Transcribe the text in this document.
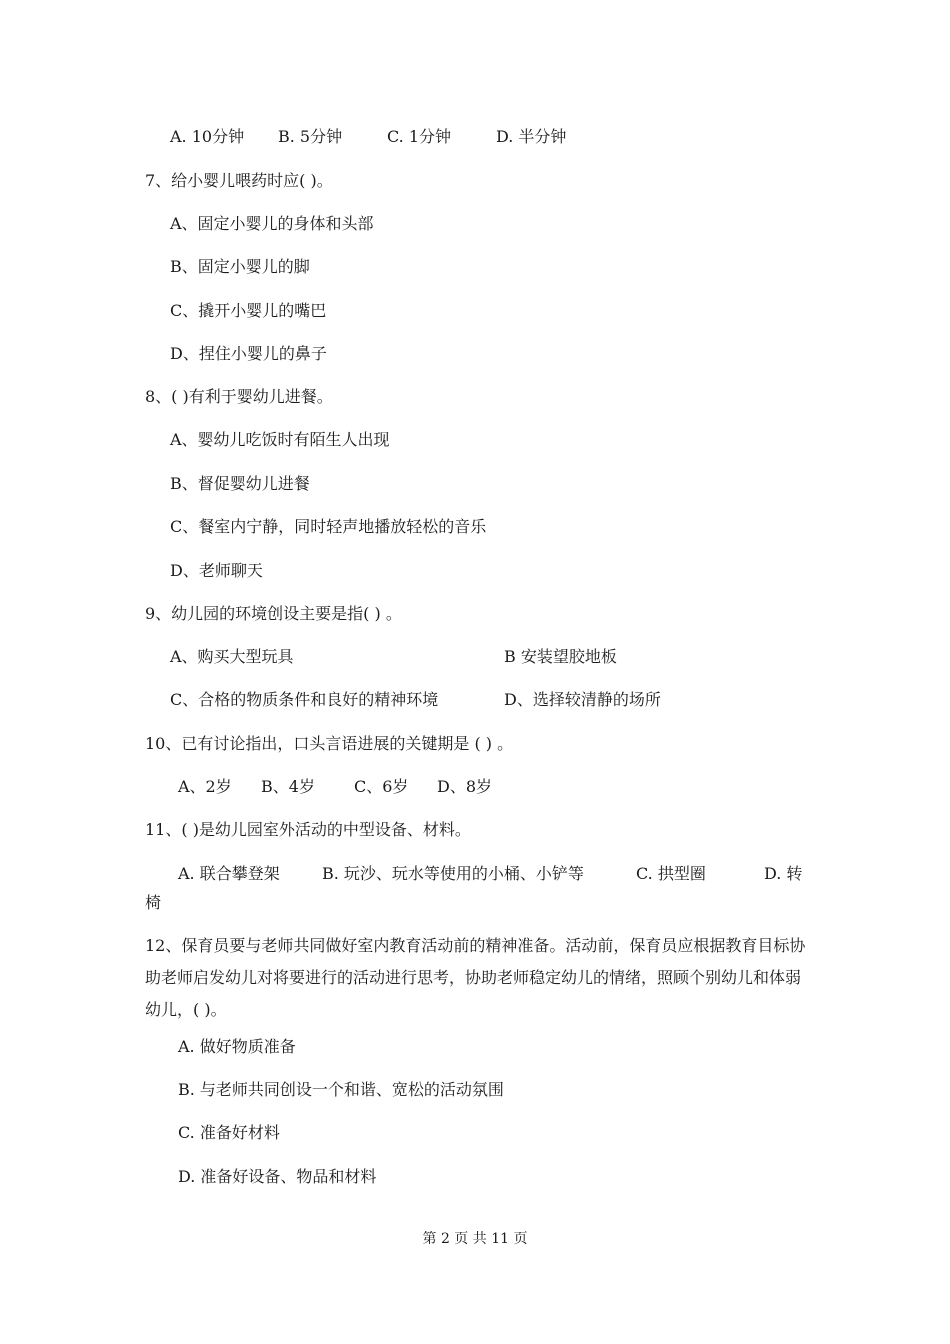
A. 10分钟 B. 5分钟	C. 1分钟	D. 半分钟
7、给小婴儿喂药时应( )。
A、固定小婴儿的身体和头部
B、固定小婴儿的脚
C、撬开小婴儿的嘴巴
D、捏住小婴儿的鼻子
8、( )有利于婴幼儿进餐。
A、婴幼儿吃饭时有陌生人出现
B、督促婴幼儿进餐
C、餐室内宁静，同时轻声地播放轻松的音乐
D、老师聊天
9、幼儿园的环境创设主要是指( ) 。
A、购买大型玩具	B 安装望胶地板
C、合格的物质条件和良好的精神环境	D、选择较清静的场所
10、已有讨论指出，口头言语进展的关键期是 ( ) 。
A、2岁 B、4岁 C、6岁 D、8岁
11、( )是幼儿园室外活动的中型设备、材料。
A. 联合攀登架	B. 玩沙、玩水等使用的小桶、小铲等	C. 拱型圈	D. 转
椅
12、保育员要与老师共同做好室内教育活动前的精神准备。活动前，保育员应根据教育目标协助老师启发幼儿对将要进行的活动进行思考，协助老师稳定幼儿的情绪，照顾个别幼儿和体弱幼儿，( )。
A. 做好物质准备
B. 与老师共同创设一个和谐、宽松的活动氛围
C. 准备好材料
D. 准备好设备、物品和材料
第 2 页 共 11 页
